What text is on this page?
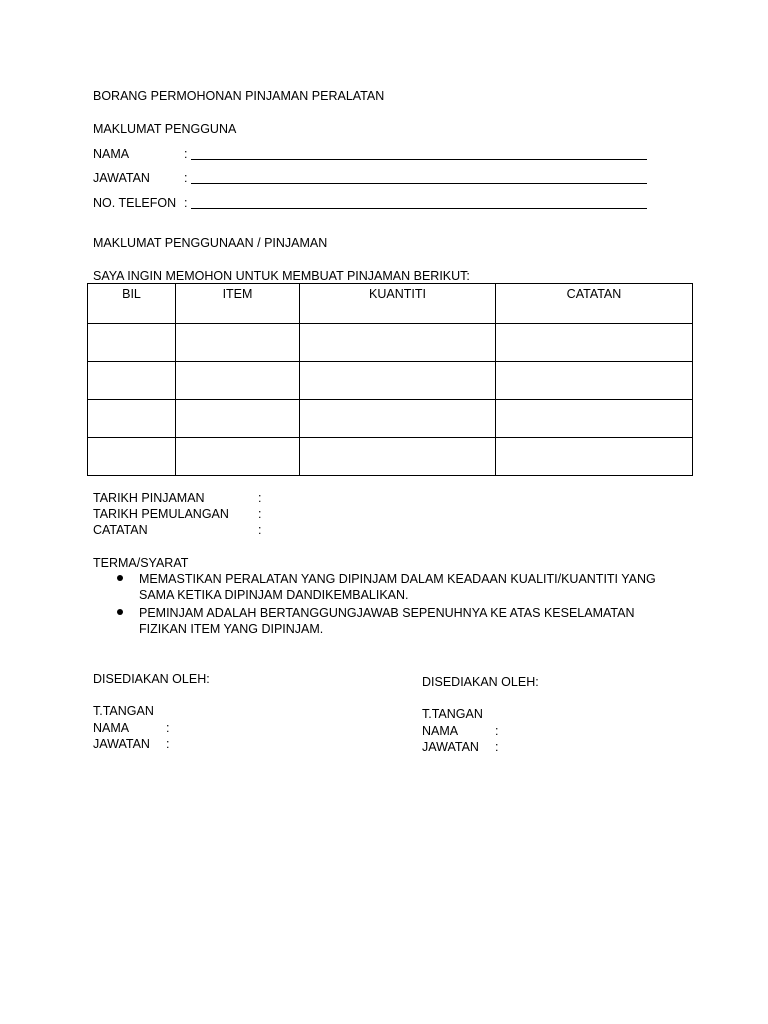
BORANG PERMOHONAN PINJAMAN PERALATAN
MAKLUMAT PENGGUNA
NAMA	:
JAWATAN	:
NO. TELEFON :
MAKLUMAT PENGGUNAAN / PINJAMAN
SAYA INGIN MEMOHON UNTUK MEMBUAT PINJAMAN BERIKUT:
BIL	ITEM	KUANTITI	CATATAN

TARIKH PINJAMAN	:
TARIKH PEMULANGAN :
CATATAN	:
TERMA/SYARAT
MEMASTIKAN PERALATAN YANG DIPINJAM DALAM KEADAAN KUALITI/KUANTITI YANG SAMA KETIKA DIPINJAM DANDIKEMBALIKAN.
PEMINJAM ADALAH BERTANGGUNGJAWAB SEPENUHNYA KE ATAS KESELAMATAN FIZIKAN ITEM YANG DIPINJAM.
DISEDIAKAN OLEH:
T.TANGAN
NAMA	:
JAWATAN :
DISEDIAKAN OLEH:
T.TANGAN
NAMA	:
JAWATAN :
